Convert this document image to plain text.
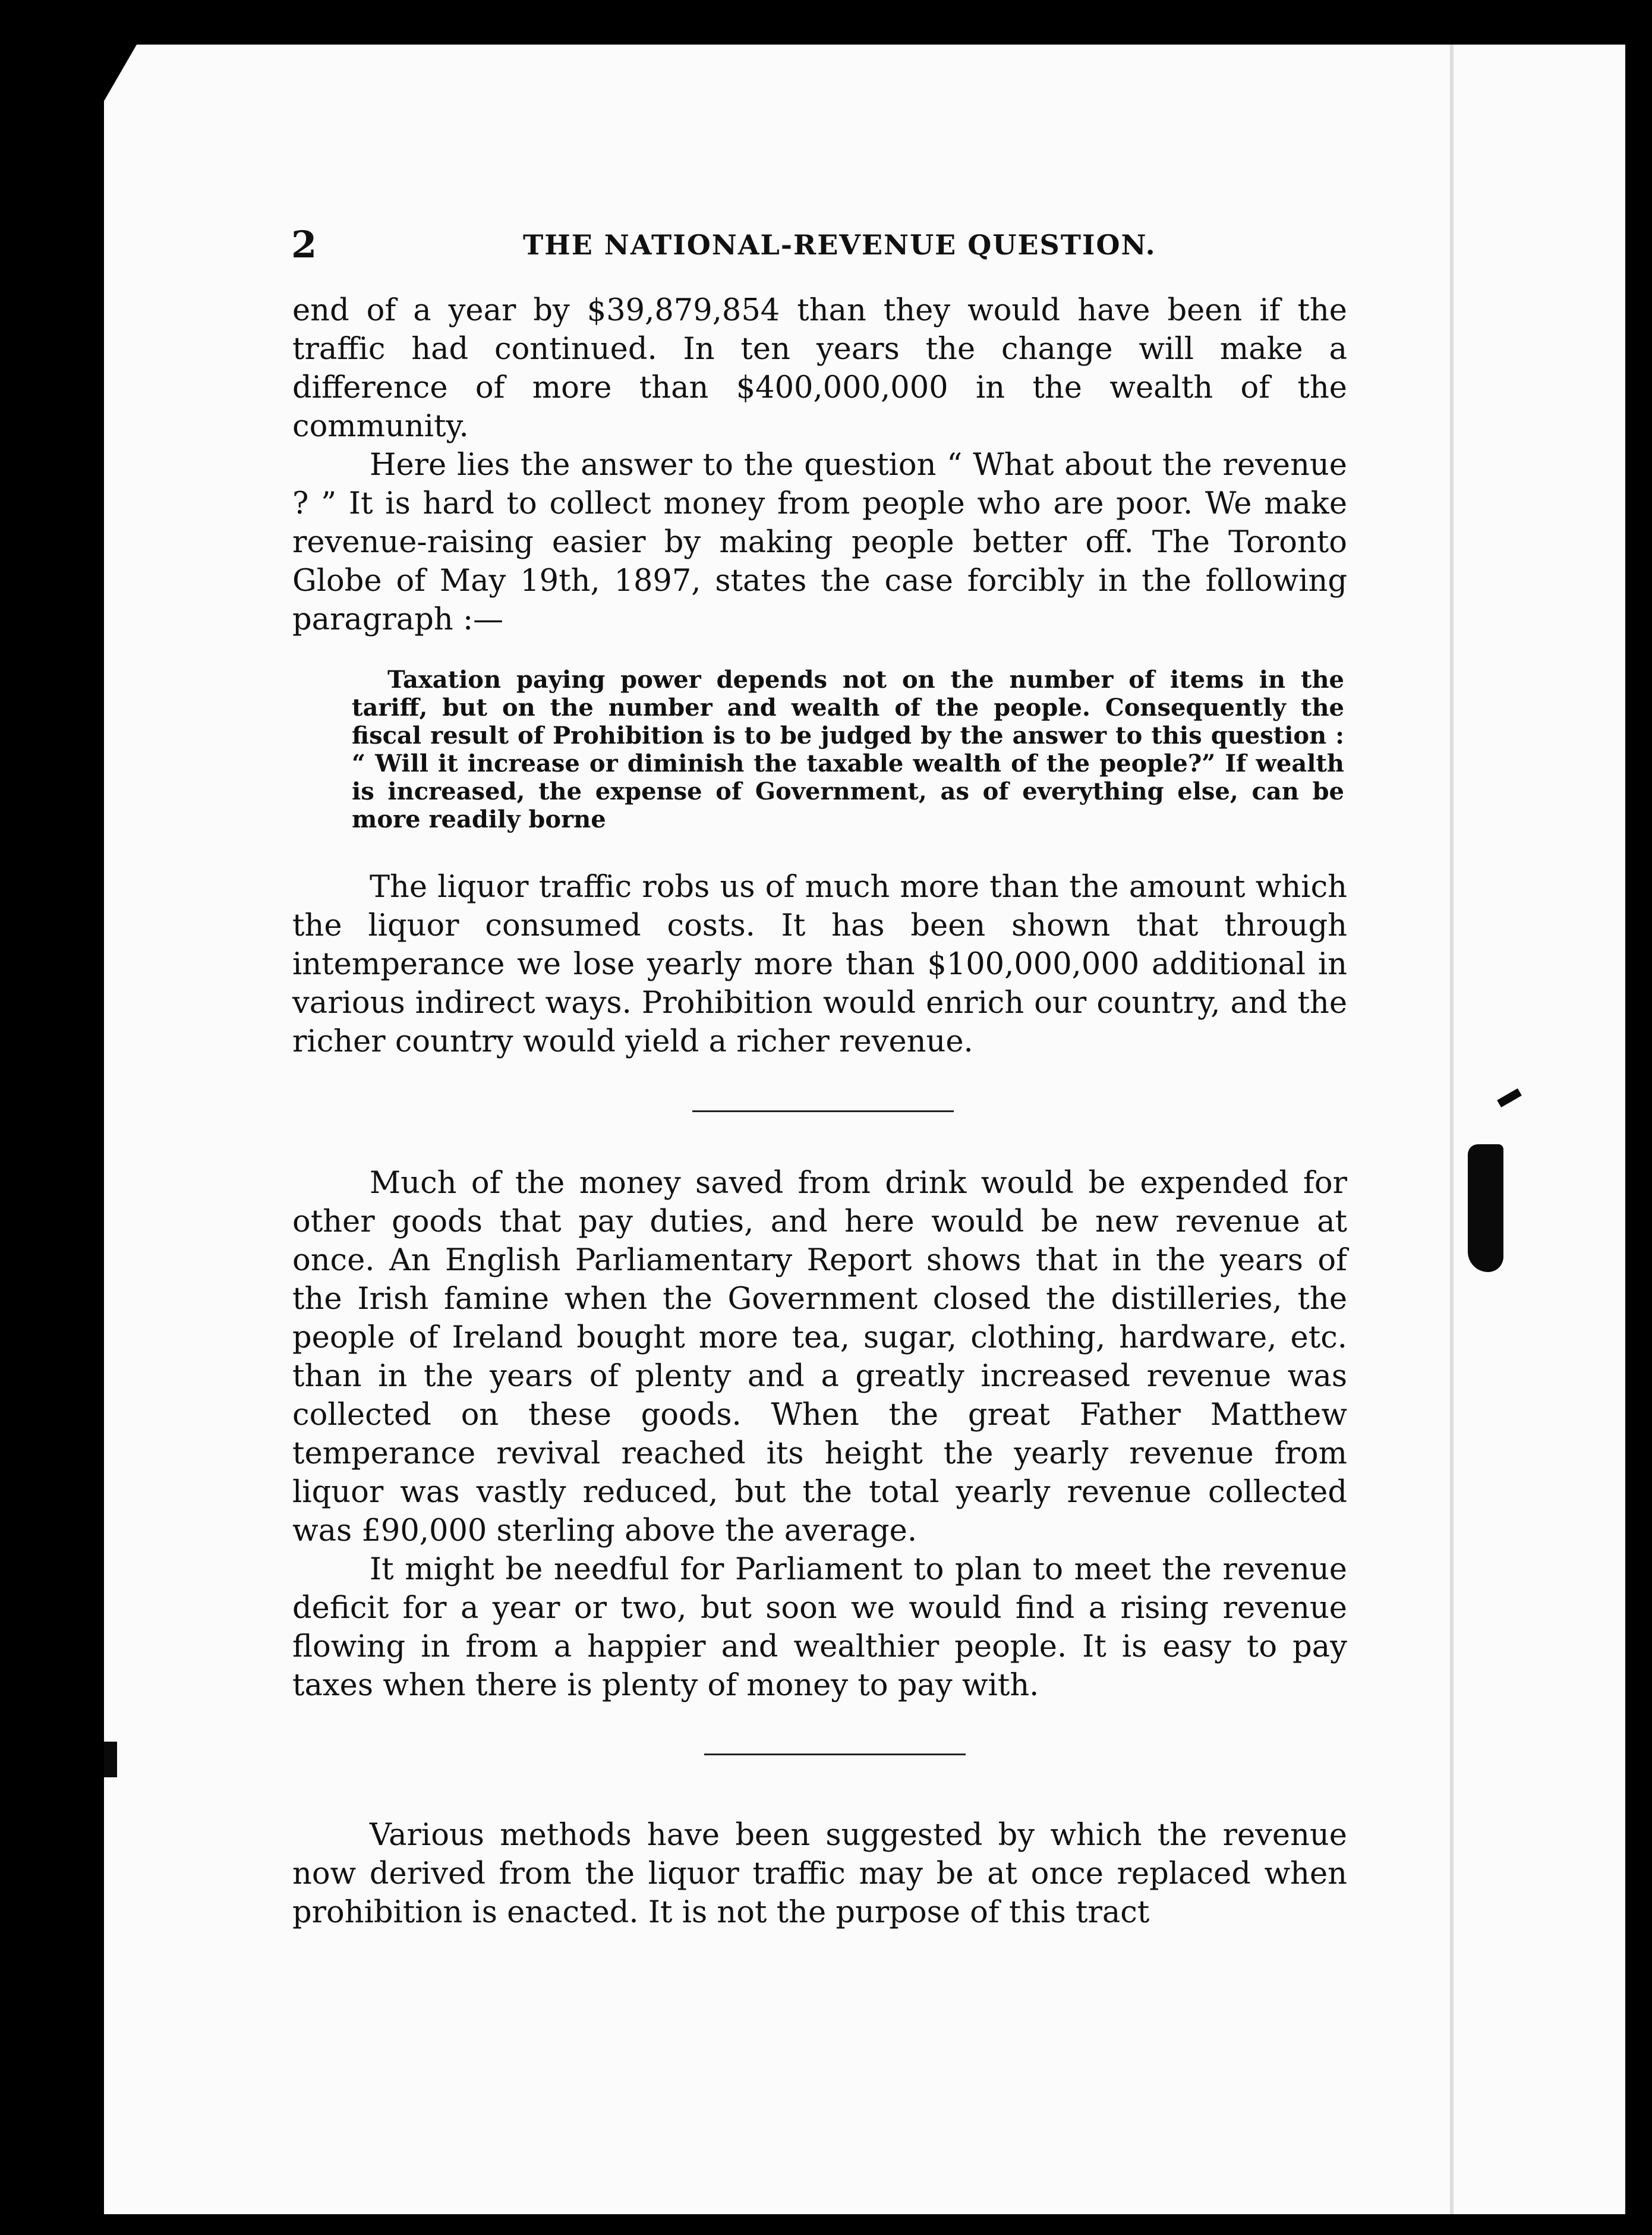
2	THE NATIONAL-REVENUE QUESTION.

end of a year by $39,879,854 than they would have been if the traffic had continued. In ten years the change will make a difference of more than $400,000,000 in the wealth of the community.

Here lies the answer to the question “ What about the revenue ? ” It is hard to collect money from people who are poor. We make revenue-raising easier by making people better off. The Toronto Globe of May 19th, 1897, states the case forcibly in the following paragraph :—

Taxation paying power depends not on the number of items in the tariff, but on the number and wealth of the people. Consequently the fiscal result of Prohibition is to be judged by the answer to this question : “ Will it increase or diminish the taxable wealth of the people?” If wealth is increased, the expense of Government, as of everything else, can be more readily borne

The liquor traffic robs us of much more than the amount which the liquor consumed costs. It has been shown that through intemperance we lose yearly more than $100,000,000 additional in various indirect ways. Prohibition would enrich our country, and the richer country would yield a richer revenue.

Much of the money saved from drink would be expended for other goods that pay duties, and here would be new revenue at once. An English Parliamentary Report shows that in the years of the Irish famine when the Government closed the distilleries, the people of Ireland bought more tea, sugar, clothing, hardware, etc. than in the years of plenty and a greatly increased revenue was collected on these goods. When the great Father Matthew temperance revival reached its height the yearly revenue from liquor was vastly reduced, but the total yearly revenue collected was £90,000 sterling above the average.

It might be needful for Parliament to plan to meet the revenue deficit for a year or two, but soon we would find a rising revenue flowing in from a happier and wealthier people. It is easy to pay taxes when there is plenty of money to pay with.

Various methods have been suggested by which the revenue now derived from the liquor traffic may be at once replaced when prohibition is enacted. It is not the purpose of this tract
